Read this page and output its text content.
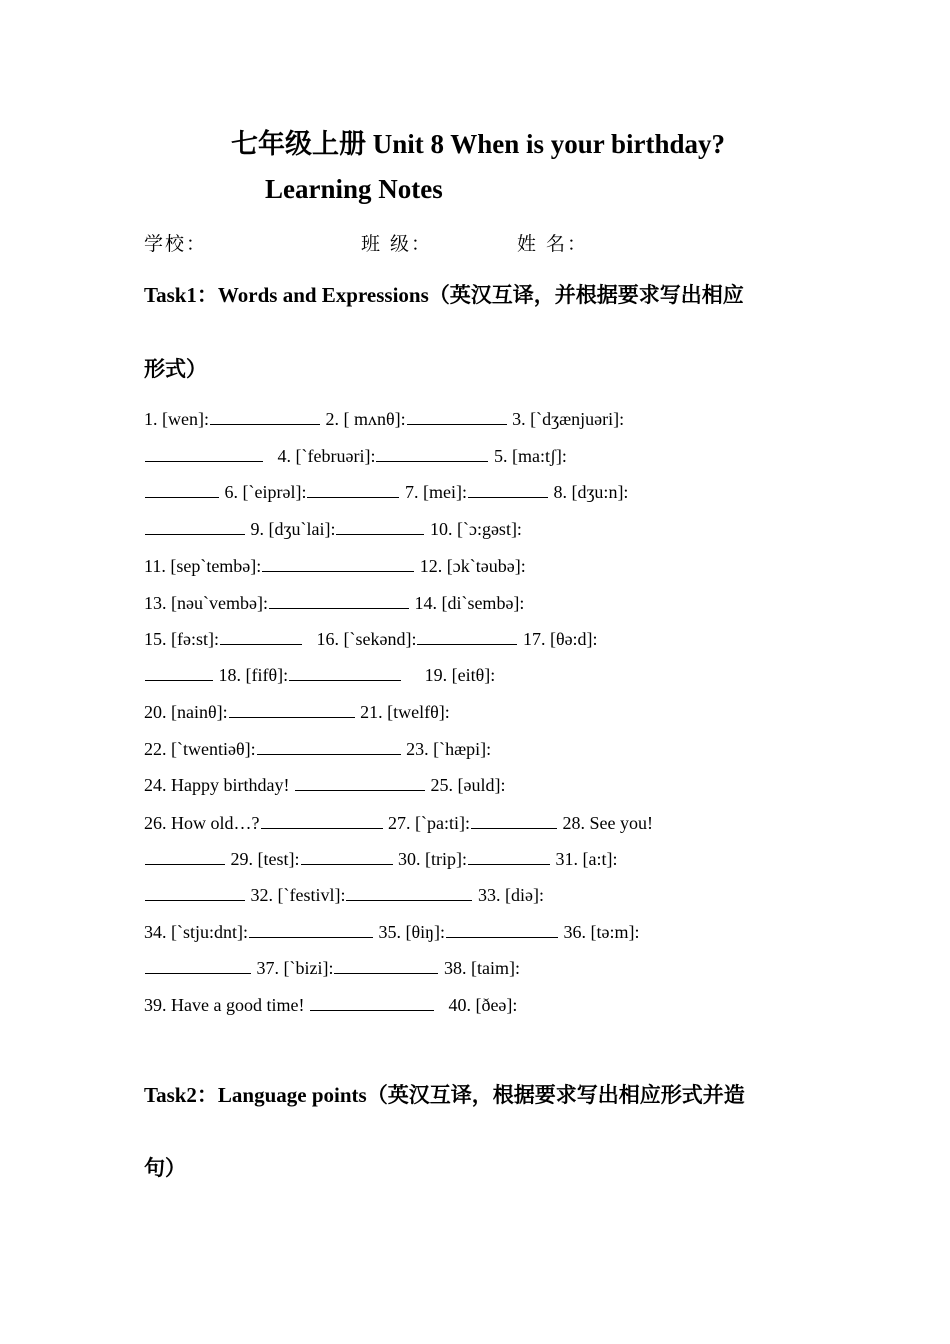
七年级上册 Unit 8 When is your birthday?
Learning Notes
学校：	班 级：	姓 名：
Task1：Words and Expressions（英汉互译，并根据要求写出相应
形式）
1. [wen]:	2. [ mʌnθ]:	3. [`dʒænjuəri]:
4. [`februəri]:	5. [ma:tʃ]:
6. [`eiprəl]:	7. [mei]:	8. [dʒu:n]:
9. [dʒu`lai]:	10. [`ɔ:gəst]:
11. [sep`tembə]:	12. [ɔk`təubə]:
13. [nəu`vembə]:	14. [di`sembə]:
15. [fə:st]:	16. [`sekənd]:	17. [θə:d]:
18. [fifθ]:	19. [eitθ]:
20. [nainθ]:	21. [twelfθ]:
22. [`twentiəθ]:	23. [`hæpi]:
24. Happy birthday!	25. [əuld]:
26. How old…?	27. [`pa:ti]:	28. See you!
29. [test]:	30. [trip]:	31. [a:t]:
32. [`festivl]:	33. [diə]:
34. [`stju:dnt]:	35. [θiŋ]:	36. [tə:m]:
37. [`bizi]:	38. [taim]:
39. Have a good time!	40. [ðeə]:
Task2：Language points（英汉互译，根据要求写出相应形式并造
句）
